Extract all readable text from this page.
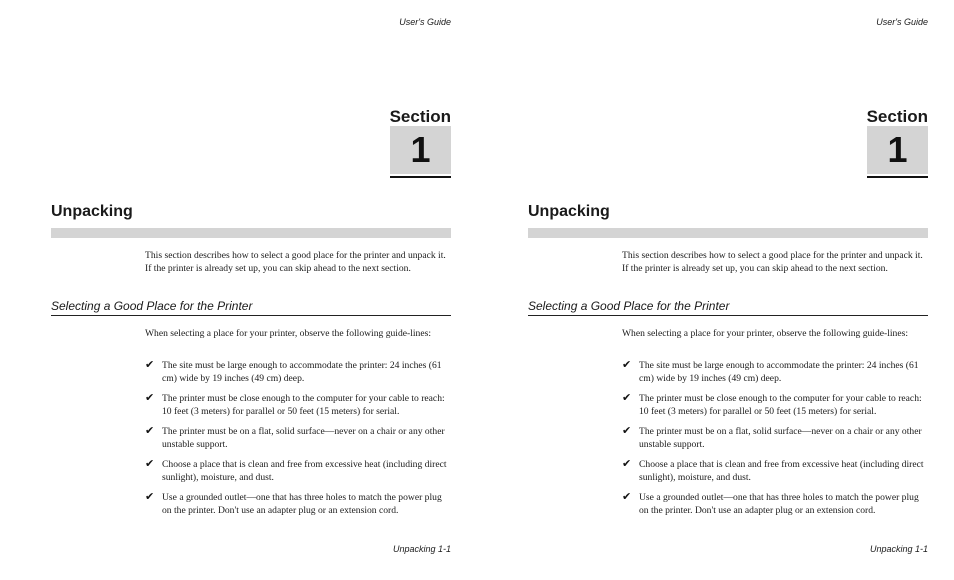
User's Guide
Section
1
Unpacking
This section describes how to select a good place for the printer and unpack it. If the printer is already set up, you can skip ahead to the next section.
Selecting a Good Place for the Printer
When selecting a place for your printer, observe the following guide-lines:
✔ The site must be large enough to accommodate the printer: 24 inches (61 cm) wide by 19 inches (49 cm) deep.
✔ The printer must be close enough to the computer for your cable to reach: 10 feet (3 meters) for parallel or 50 feet (15 meters) for serial.
✔ The printer must be on a flat, solid surface—never on a chair or any other unstable support.
✔ Choose a place that is clean and free from excessive heat (including direct sunlight), moisture, and dust.
✔ Use a grounded outlet—one that has three holes to match the power plug on the printer. Don't use an adapter plug or an extension cord.
Unpacking 1-1
User's Guide
Section
1
Unpacking
This section describes how to select a good place for the printer and unpack it. If the printer is already set up, you can skip ahead to the next section.
Selecting a Good Place for the Printer
When selecting a place for your printer, observe the following guide-lines:
✔ The site must be large enough to accommodate the printer: 24 inches (61 cm) wide by 19 inches (49 cm) deep.
✔ The printer must be close enough to the computer for your cable to reach: 10 feet (3 meters) for parallel or 50 feet (15 meters) for serial.
✔ The printer must be on a flat, solid surface—never on a chair or any other unstable support.
✔ Choose a place that is clean and free from excessive heat (including direct sunlight), moisture, and dust.
✔ Use a grounded outlet—one that has three holes to match the power plug on the printer. Don't use an adapter plug or an extension cord.
Unpacking 1-1
